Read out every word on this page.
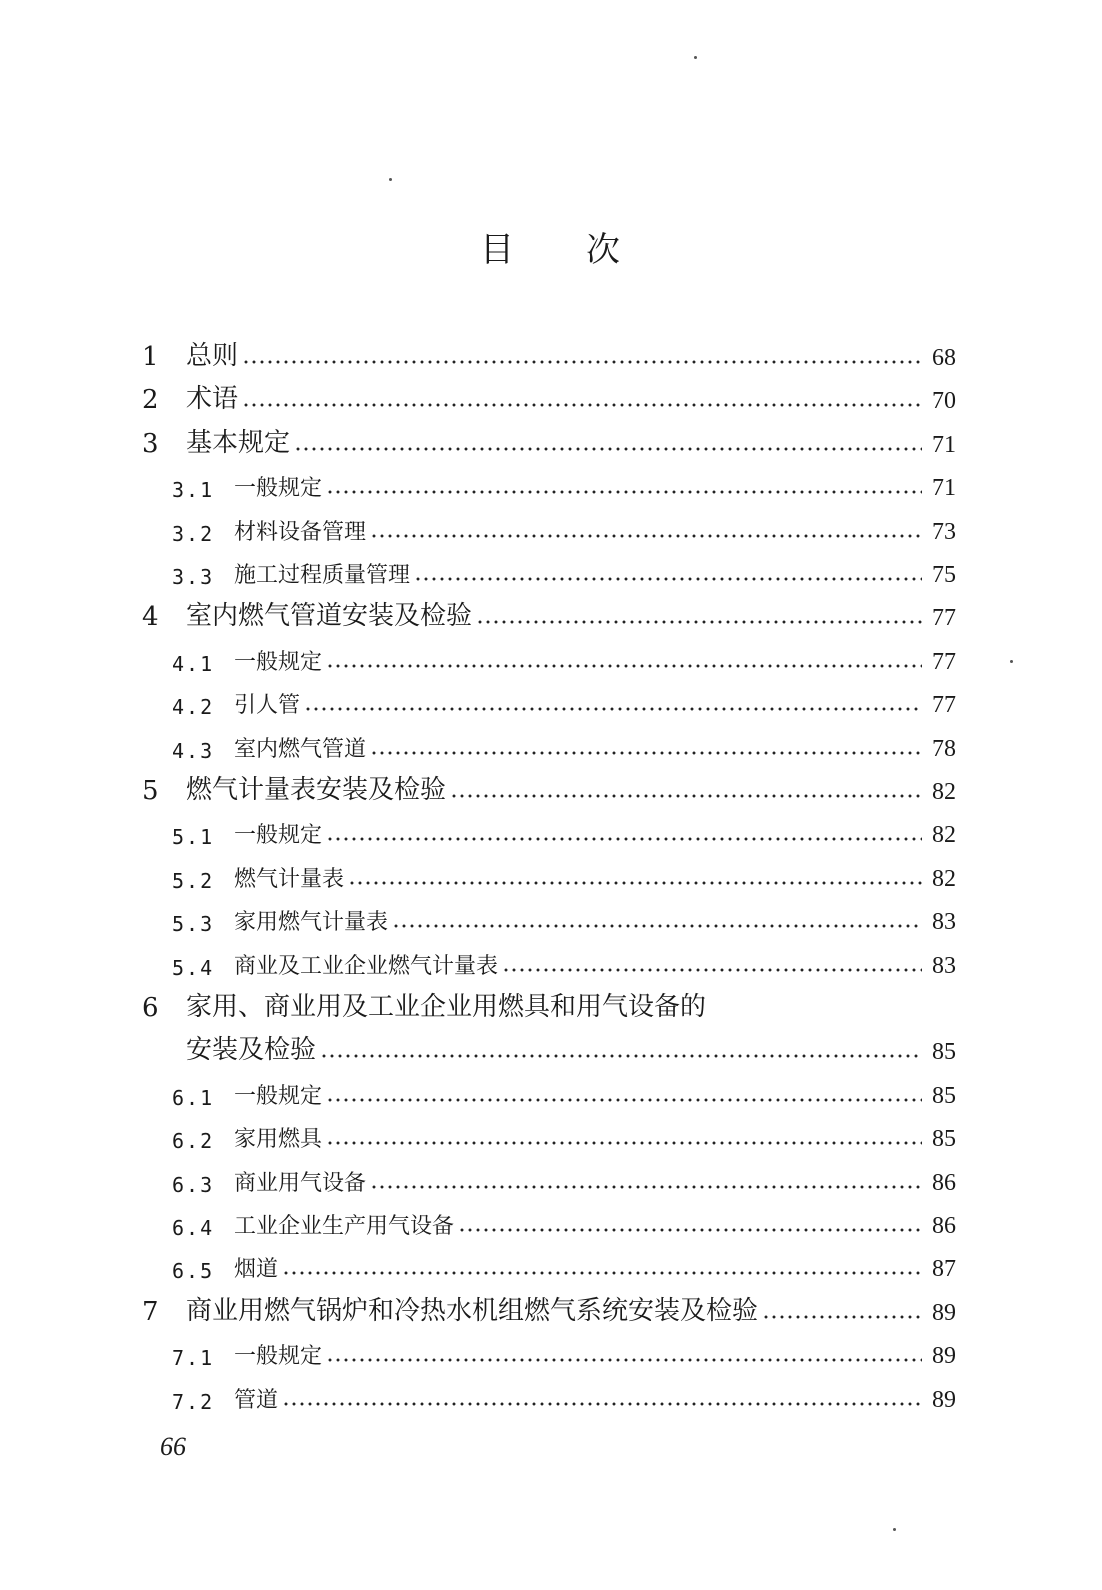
目 次
1	总则	68
2	术语	70
3	基本规定	71
3.1 一般规定	71
3.2 材料设备管理	73
3.3 施工过程质量管理	75
4	室内燃气管道安装及检验	77
4.1 一般规定	77
4.2 引人管	77
4.3 室内燃气管道	78
5	燃气计量表安装及检验	82
5.1 一般规定	82
5.2 燃气计量表	82
5.3 家用燃气计量表	83
5.4 商业及工业企业燃气计量表	83
6	家用、商业用及工业企业用燃具和用气设备的
安装及检验	85
6.1 一般规定	85
6.2 家用燃具	85
6.3 商业用气设备	86
6.4 工业企业生产用气设备	86
6.5 烟道	87
7	商业用燃气锅炉和冷热水机组燃气系统安装及检验	89
7.1 一般规定	89
7.2 管道	89
66
